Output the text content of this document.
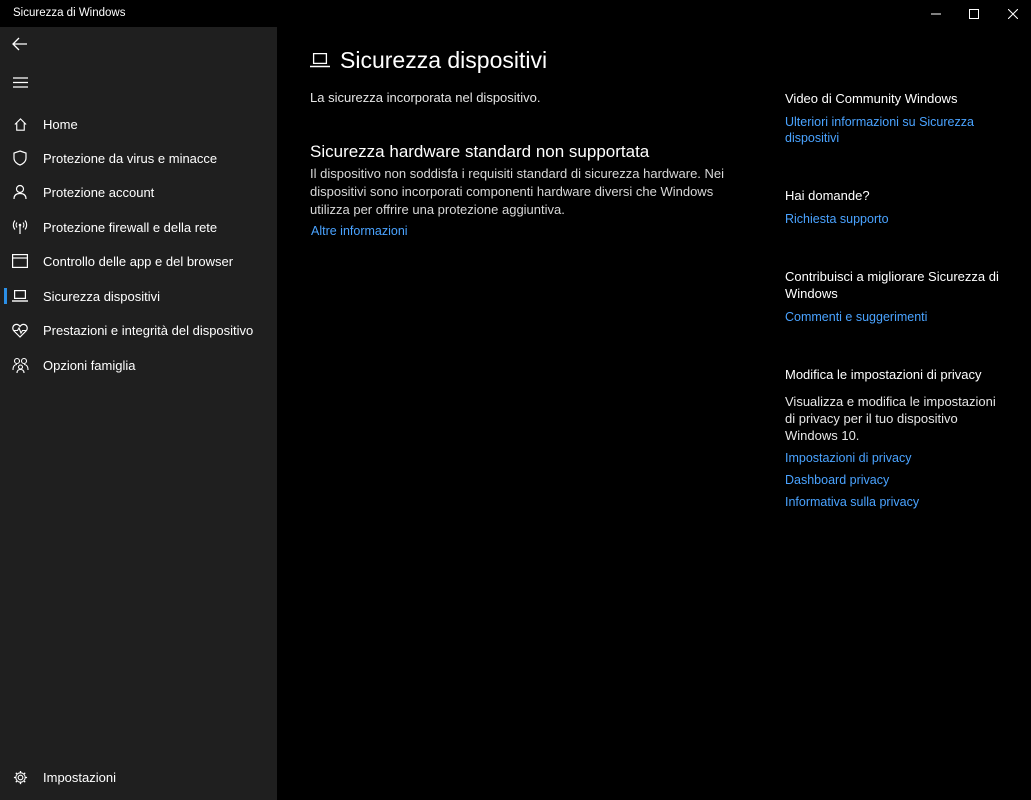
Sicurezza di Windows
Home
Protezione da virus e minacce
Protezione account
Protezione firewall e della rete
Controllo delle app e del browser
Sicurezza dispositivi
Prestazioni e integrità del dispositivo
Opzioni famiglia
Impostazioni
Sicurezza dispositivi
La sicurezza incorporata nel dispositivo.
Sicurezza hardware standard non supportata
Il dispositivo non soddisfa i requisiti standard di sicurezza hardware. Nei dispositivi sono incorporati componenti hardware diversi che Windows utilizza per offrire una protezione aggiuntiva.
Altre informazioni
Video di Community Windows
Ulteriori informazioni su Sicurezza dispositivi
Hai domande?
Richiesta supporto
Contribuisci a migliorare Sicurezza di Windows
Commenti e suggerimenti
Modifica le impostazioni di privacy
Visualizza e modifica le impostazioni di privacy per il tuo dispositivo Windows 10.
Impostazioni di privacy
Dashboard privacy
Informativa sulla privacy
